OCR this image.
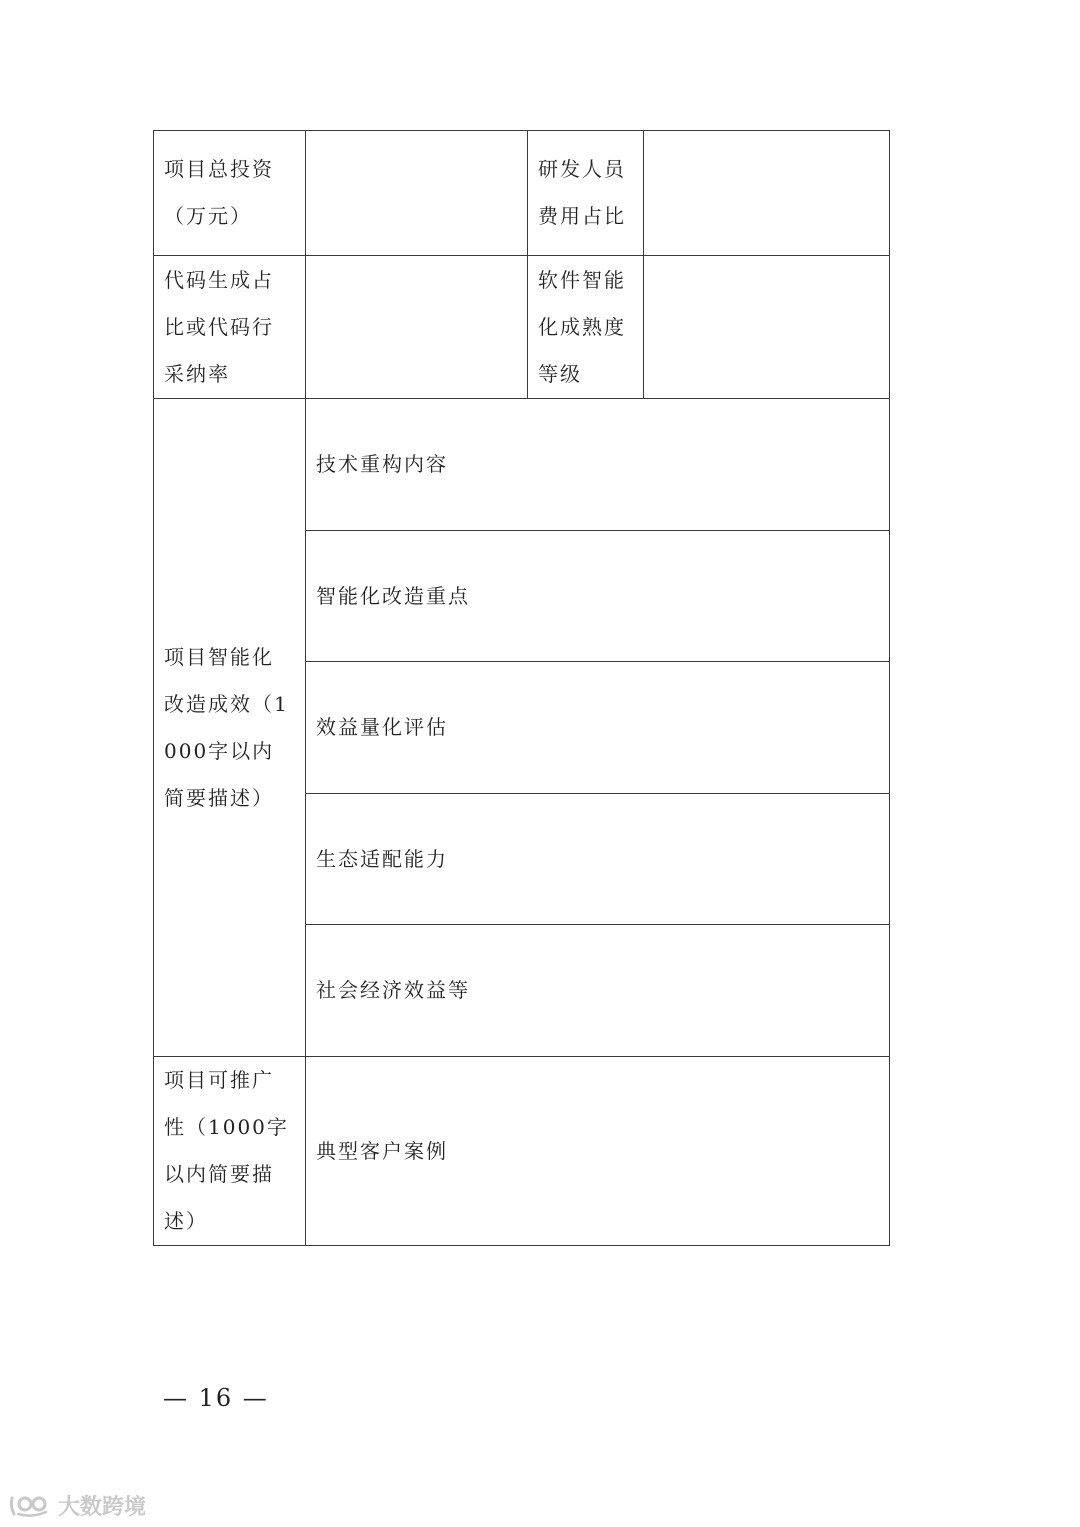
项目总投资（万元）		研发人员费用占比	

代码生成占比或代码行采纳率		软件智能化成熟度等级	

项目智能化改造成效（1000字以内简要描述）	技术重构内容		
	智能化改造重点		
	效益量化评估		
	生态适配能力		
	社会经济效益等		

项目可推广性（1000字以内简要描述）	典型客户案例		
— 16 —
大数跨境
